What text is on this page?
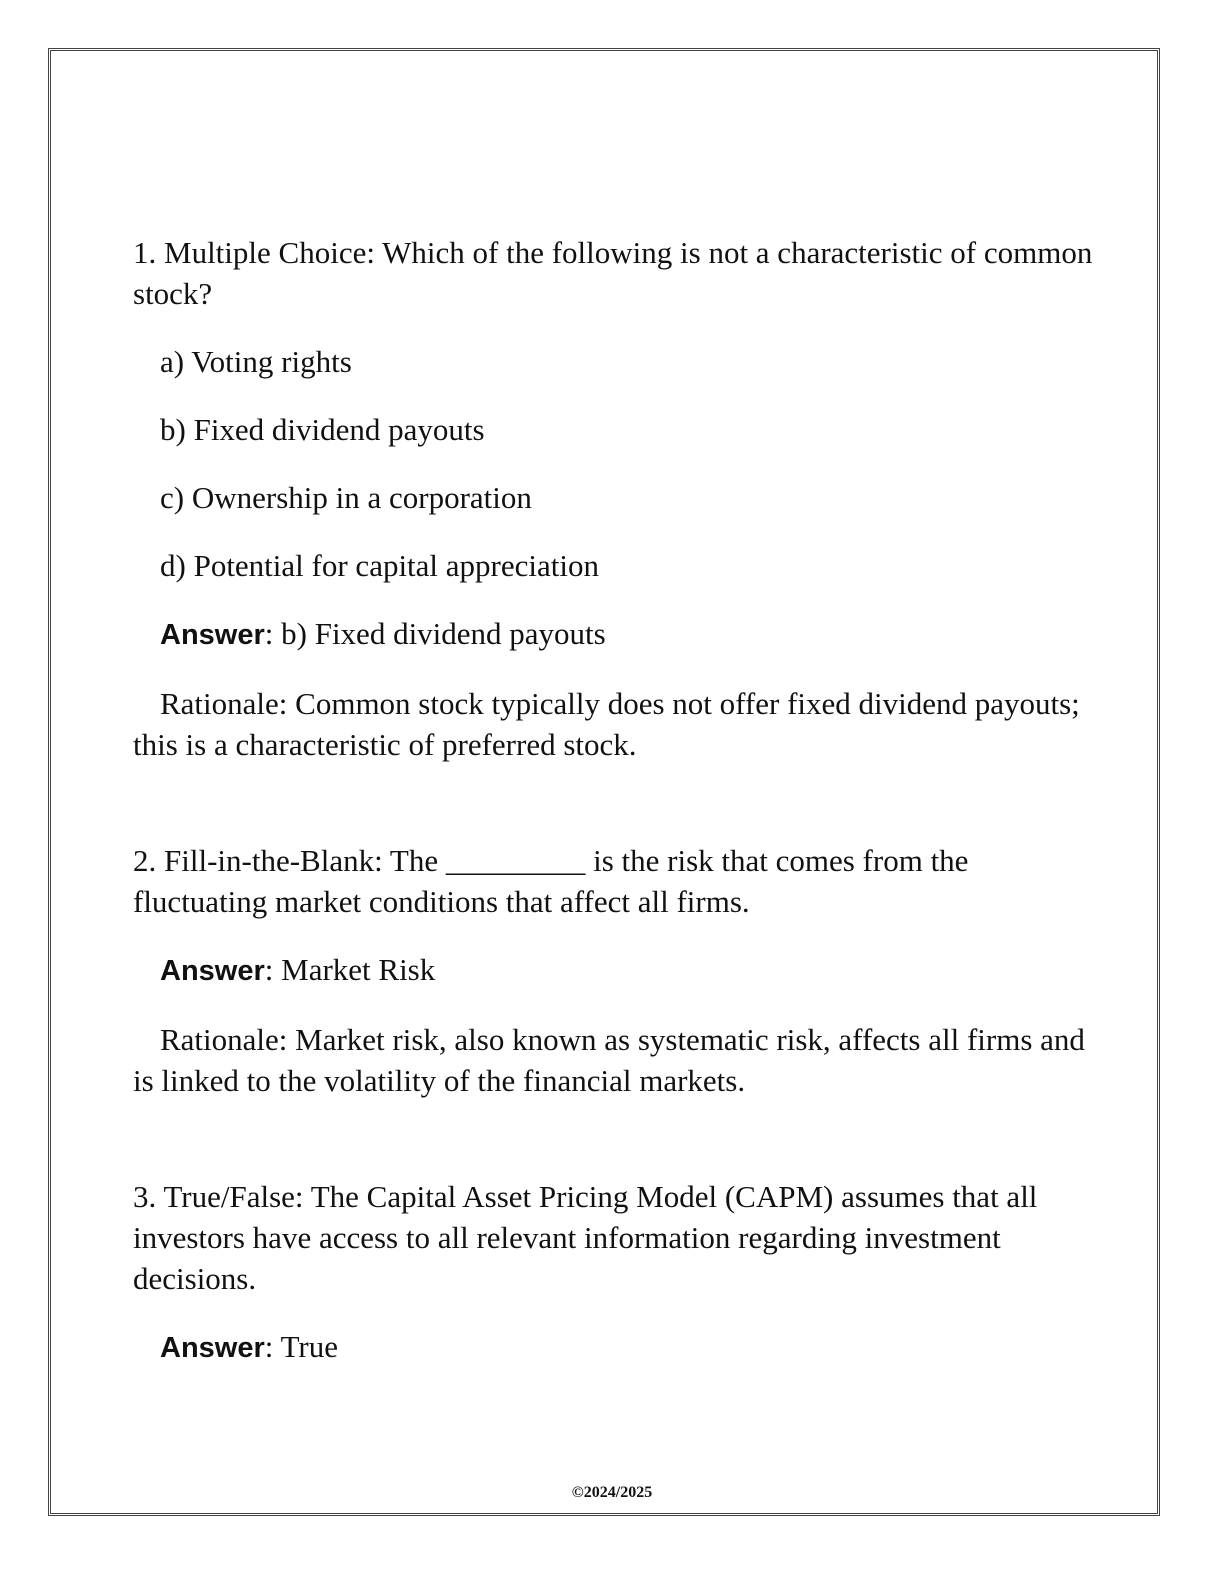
1. Multiple Choice: Which of the following is not a characteristic of common stock?

a) Voting rights

b) Fixed dividend payouts

c) Ownership in a corporation

d) Potential for capital appreciation

Answer: b) Fixed dividend payouts

Rationale: Common stock typically does not offer fixed dividend payouts; this is a characteristic of preferred stock.

2. Fill-in-the-Blank: The _________ is the risk that comes from the fluctuating market conditions that affect all firms.

Answer: Market Risk

Rationale: Market risk, also known as systematic risk, affects all firms and is linked to the volatility of the financial markets.

3. True/False: The Capital Asset Pricing Model (CAPM) assumes that all investors have access to all relevant information regarding investment decisions.

Answer: True

©2024/2025
